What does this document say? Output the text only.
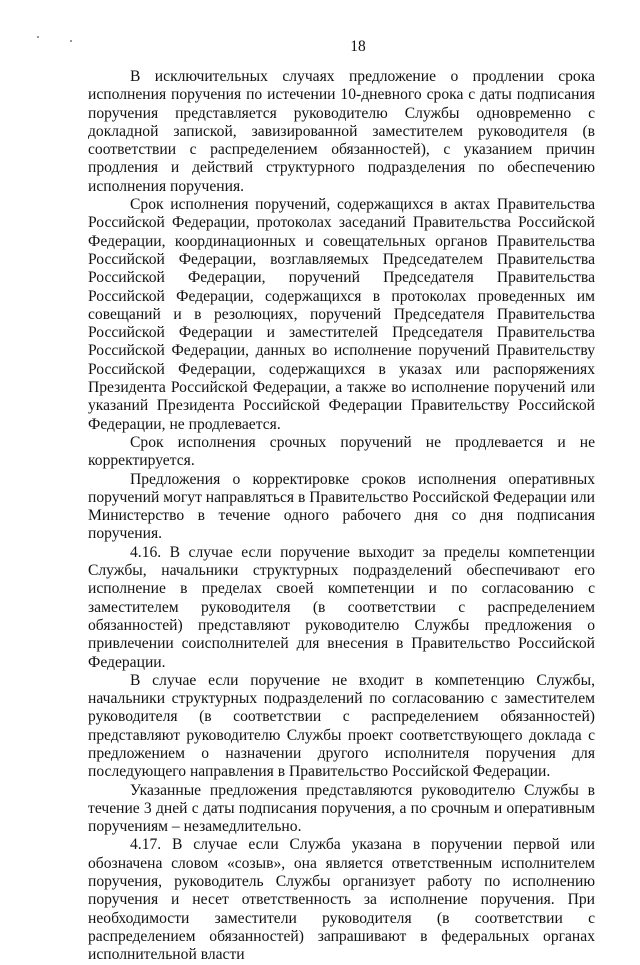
18

В исключительных случаях предложение о продлении срока исполнения поручения по истечении 10-дневного срока с даты подписания поручения представляется руководителю Службы одновременно с докладной запиской, завизированной заместителем руководителя (в соответствии с распределением обязанностей), с указанием причин продления и действий структурного подразделения по обеспечению исполнения поручения.

Срок исполнения поручений, содержащихся в актах Правительства Российской Федерации, протоколах заседаний Правительства Российской Федерации, координационных и совещательных органов Правительства Российской Федерации, возглавляемых Председателем Правительства Российской Федерации, поручений Председателя Правительства Российской Федерации, содержащихся в протоколах проведенных им совещаний и в резолюциях, поручений Председателя Правительства Российской Федерации и заместителей Председателя Правительства Российской Федерации, данных во исполнение поручений Правительству Российской Федерации, содержащихся в указах или распоряжениях Президента Российской Федерации, а также во исполнение поручений или указаний Президента Российской Федерации Правительству Российской Федерации, не продлевается.

Срок исполнения срочных поручений не продлевается и не корректируется.

Предложения о корректировке сроков исполнения оперативных поручений могут направляться в Правительство Российской Федерации или Министерство в течение одного рабочего дня со дня подписания поручения.

4.16. В случае если поручение выходит за пределы компетенции Службы, начальники структурных подразделений обеспечивают его исполнение в пределах своей компетенции и по согласованию с заместителем руководителя (в соответствии с распределением обязанностей) представляют руководителю Службы предложения о привлечении соисполнителей для внесения в Правительство Российской Федерации.

В случае если поручение не входит в компетенцию Службы, начальники структурных подразделений по согласованию с заместителем руководителя (в соответствии с распределением обязанностей) представляют руководителю Службы проект соответствующего доклада с предложением о назначении другого исполнителя поручения для последующего направления в Правительство Российской Федерации.

Указанные предложения представляются руководителю Службы в течение 3 дней с даты подписания поручения, а по срочным и оперативным поручениям – незамедлительно.

4.17. В случае если Служба указана в поручении первой или обозначена словом «созыв», она является ответственным исполнителем поручения, руководитель Службы организует работу по исполнению поручения и несет ответственность за исполнение поручения. При необходимости заместители руководителя (в соответствии с распределением обязанностей) запрашивают в федеральных органах исполнительной власти
